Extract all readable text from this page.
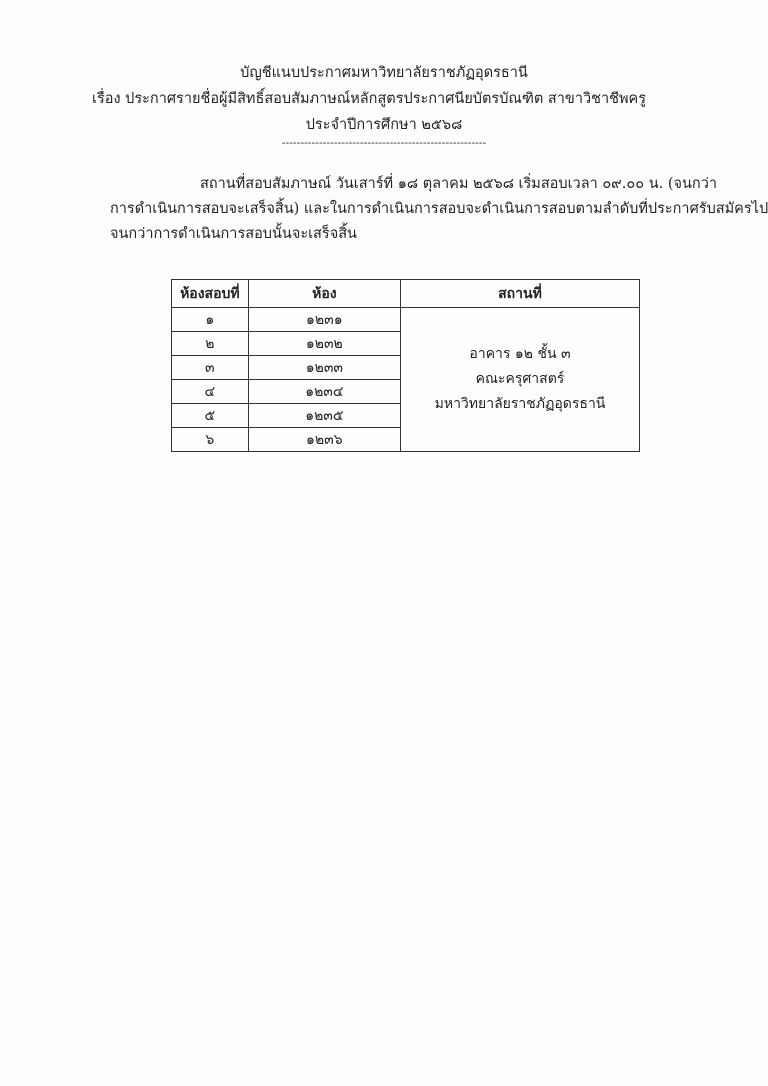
บัญชีแนบประกาศมหาวิทยาลัยราชภัฏอุดรธานี
เรื่อง ประกาศรายชื่อผู้มีสิทธิ์สอบสัมภาษณ์หลักสูตรประกาศนียบัตรบัณฑิต สาขาวิชาชีพครู
ประจำปีการศึกษา ๒๕๖๘
-------------------------------------------------------
สถานที่สอบสัมภาษณ์ วันเสาร์ที่ ๑๘ ตุลาคม ๒๕๖๘ เริ่มสอบเวลา ๐๙.๐๐ น. (จนกว่า
การดำเนินการสอบจะเสร็จสิ้น) และในการดำเนินการสอบจะดำเนินการสอบตามลำดับที่ประกาศรับสมัครไป
จนกว่าการดำเนินการสอบนั้นจะเสร็จสิ้น
ห้องสอบที่	ห้อง	สถานที่
๑	๑๒๓๑	อาคาร ๑๒ ชั้น ๓
คณะครุศาสตร์
มหาวิทยาลัยราชภัฏอุดรธานี

๒	๑๒๓๒	
๓	๑๒๓๓	
๔	๑๒๓๔	
๕	๑๒๓๕	
๖	๑๒๓๖	
